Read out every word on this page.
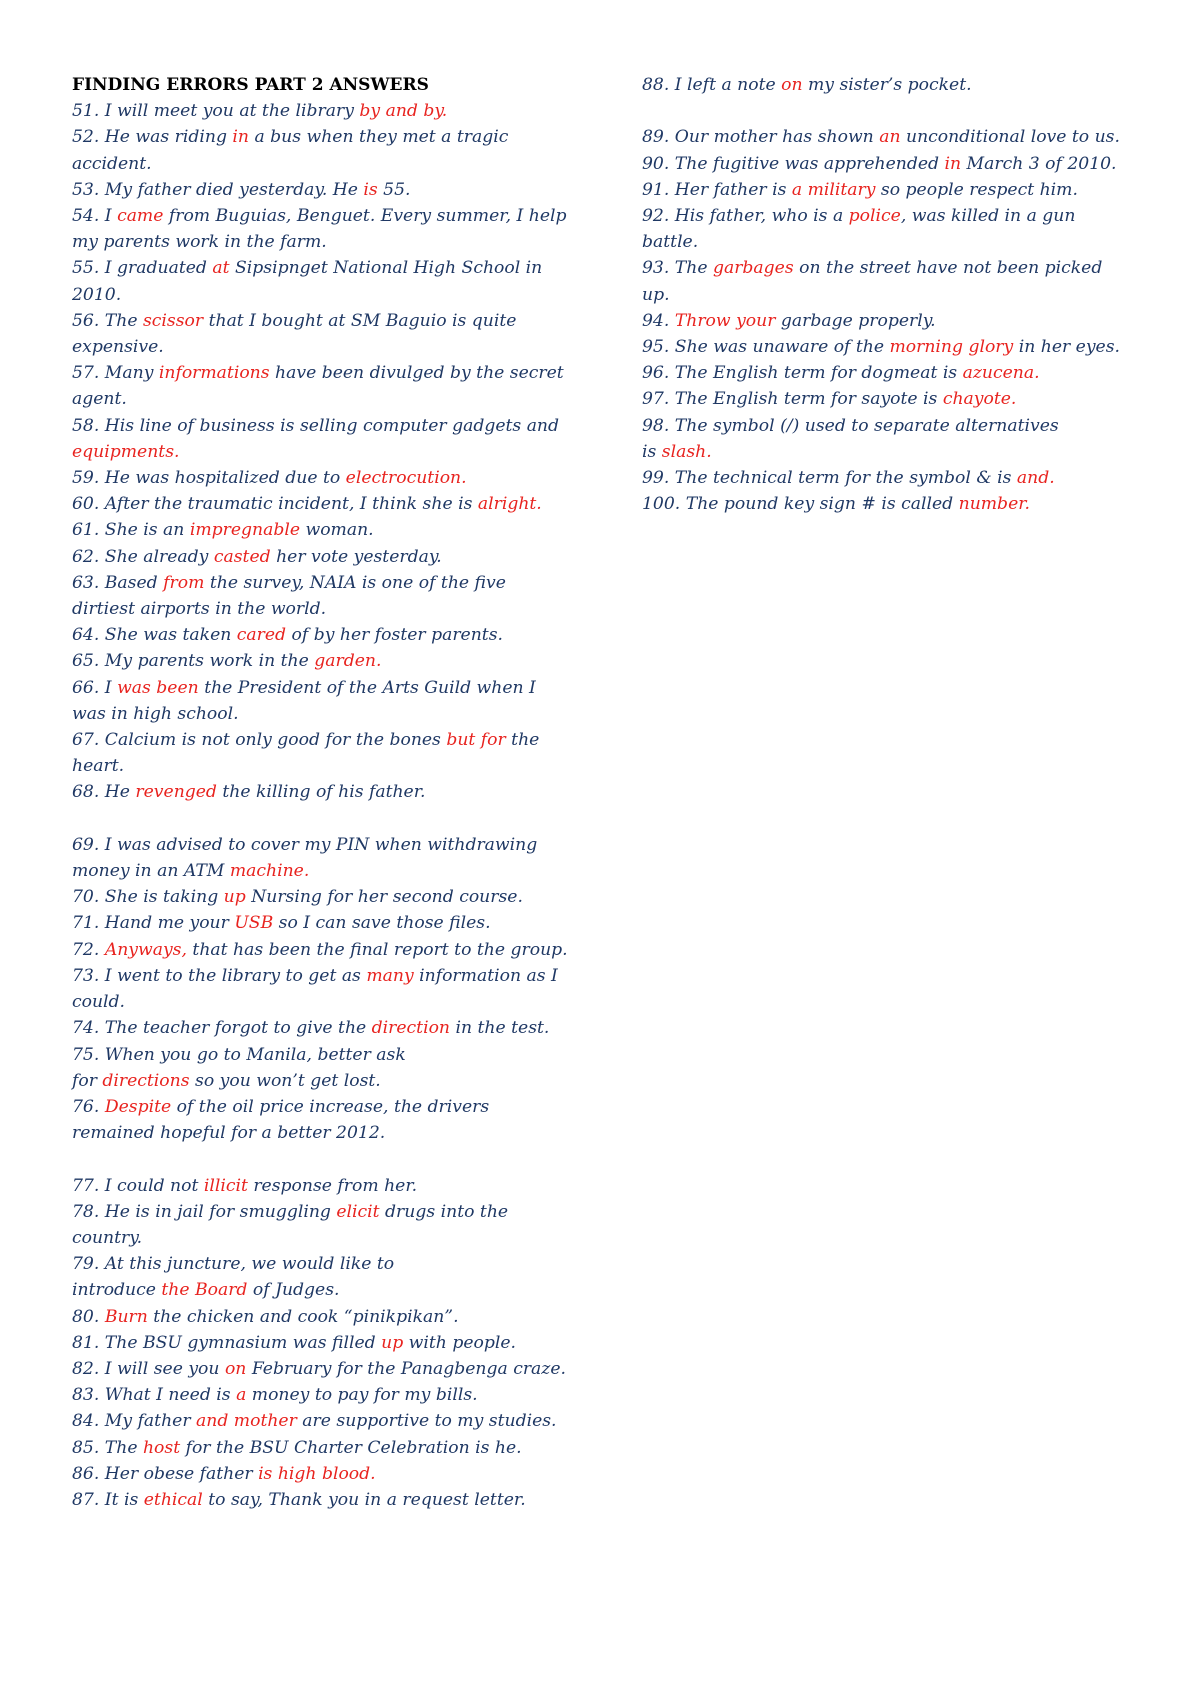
FINDING ERRORS PART 2 ANSWERS
51. I will meet you at the library by and by.
52. He was riding in a bus when they met a tragic accident.
53. My father died yesterday. He is 55.
54. I came from Buguias, Benguet. Every summer, I help my parents work in the farm.
55. I graduated at Sipsipnget National High School in 2010.
56. The scissor that I bought at SM Baguio is quite expensive.
57. Many informations have been divulged by the secret agent.
58. His line of business is selling computer gadgets and equipments.
59. He was hospitalized due to electrocution.
60. After the traumatic incident, I think she is alright.
61. She is an impregnable woman.
62. She already casted her vote yesterday.
63. Based from the survey, NAIA is one of the five dirtiest airports in the world.
64. She was taken cared of by her foster parents.
65. My parents work in the garden.
66. I was been the President of the Arts Guild when I was in high school.
67. Calcium is not only good for the bones but for the heart.
68. He revenged the killing of his father.
69. I was advised to cover my PIN when withdrawing money in an ATM machine.
70. She is taking up Nursing for her second course.
71. Hand me your USB so I can save those files.
72. Anyways, that has been the final report to the group.
73. I went to the library to get as many information as I could.
74. The teacher forgot to give the direction in the test.
75. When you go to Manila, better ask
for directions so you won’t get lost.
76. Despite of the oil price increase, the drivers remained hopeful for a better 2012.
77. I could not illicit response from her.
78. He is in jail for smuggling elicit drugs into the country.
79. At this juncture, we would like to
introduce the Board of Judges.
80. Burn the chicken and cook “pinikpikan”.
81. The BSU gymnasium was filled up with people.
82. I will see you on February for the Panagbenga craze.
83. What I need is a money to pay for my bills.
84. My father and mother are supportive to my studies.
85. The host for the BSU Charter Celebration is he.
86. Her obese father is high blood.
87. It is ethical to say, Thank you in a request letter.
88. I left a note on my sister’s pocket.
89. Our mother has shown an unconditional love to us.
90. The fugitive was apprehended in March 3 of 2010.
91. Her father is a military so people respect him.
92. His father, who is a police, was killed in a gun battle.
93. The garbages on the street have not been picked up.
94. Throw your garbage properly.
95. She was unaware of the morning glory in her eyes.
96. The English term for dogmeat is azucena.
97. The English term for sayote is chayote.
98. The symbol (/) used to separate alternatives
is slash.
99. The technical term for the symbol & is and.
100. The pound key sign # is called number.
